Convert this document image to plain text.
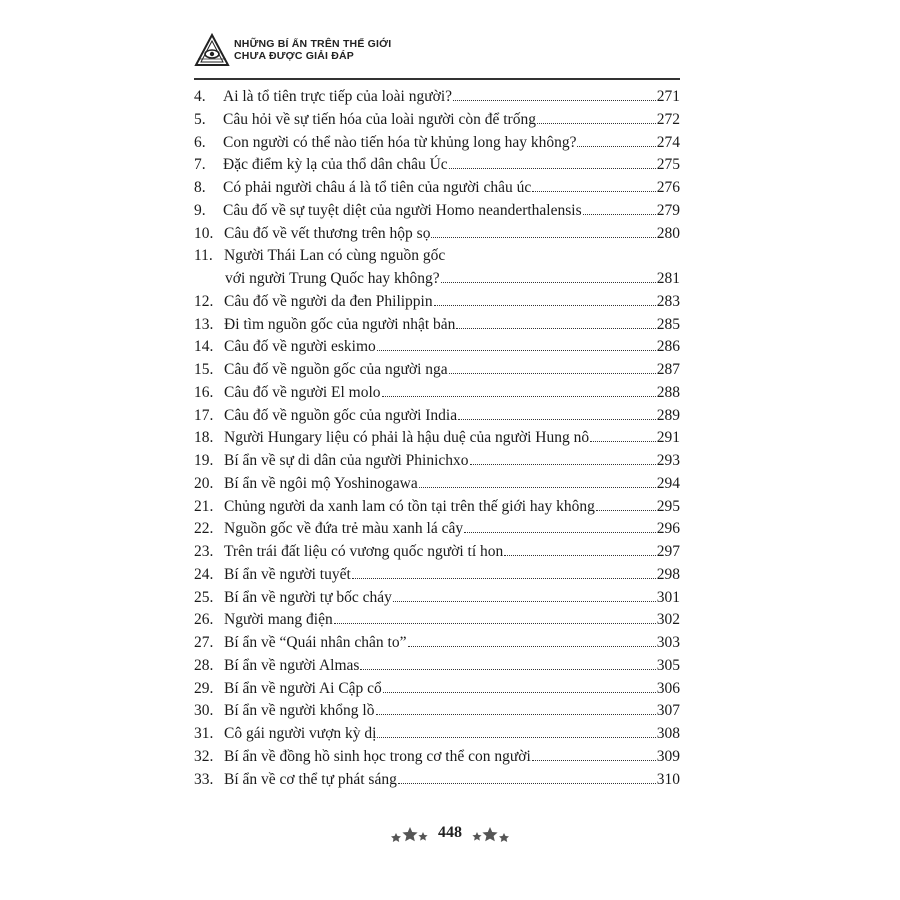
NHỮNG BÍ ẨN TRÊN THẾ GIỚI
CHƯA ĐƯỢC GIẢI ĐÁP
4.	Ai là tổ tiên trực tiếp của loài người?	271
5.	Câu hỏi về sự tiến hóa của loài người còn để trống	272
6.	Con người có thể nào tiến hóa từ khủng long hay không?	274
7.	Đặc điểm kỳ lạ của thổ dân châu Úc	275
8.	Có phải người châu á là tổ tiên của người châu úc	276
9.	Câu đố về sự tuyệt diệt của người Homo neanderthalensis	279
10. Câu đố về vết thương trên hộp sọ	280
11. Người Thái Lan có cùng nguồn gốc
với người Trung Quốc hay không?	281
12. Câu đố về người da đen Philippin	283
13. Đi tìm nguồn gốc của người nhật bản	285
14. Câu đố về người eskimo	286
15. Câu đố về nguồn gốc của người nga	287
16. Câu đố về người El molo	288
17. Câu đố về nguồn gốc của người India	289
18. Người Hungary liệu có phải là hậu duệ của người Hung nô	291
19. Bí ẩn về sự di dân của người Phinichxo	293
20. Bí ẩn về ngôi mộ Yoshinogawa	294
21. Chủng người da xanh lam có tồn tại trên thế giới hay không	295
22. Nguồn gốc về đứa trẻ màu xanh lá cây	296
23. Trên trái đất liệu có vương quốc người tí hon	297
24. Bí ẩn về người tuyết	298
25. Bí ẩn về người tự bốc cháy	301
26. Người mang điện	302
27. Bí ẩn về “Quái nhân chân to”	303
28. Bí ẩn về người Almas	305
29. Bí ẩn về người Ai Cập cổ	306
30. Bí ẩn về người khổng lồ	307
31. Cô gái người vượn kỳ dị	308
32. Bí ẩn về đồng hồ sinh học trong cơ thể con người	309
33. Bí ẩn về cơ thể tự phát sáng	310
448
